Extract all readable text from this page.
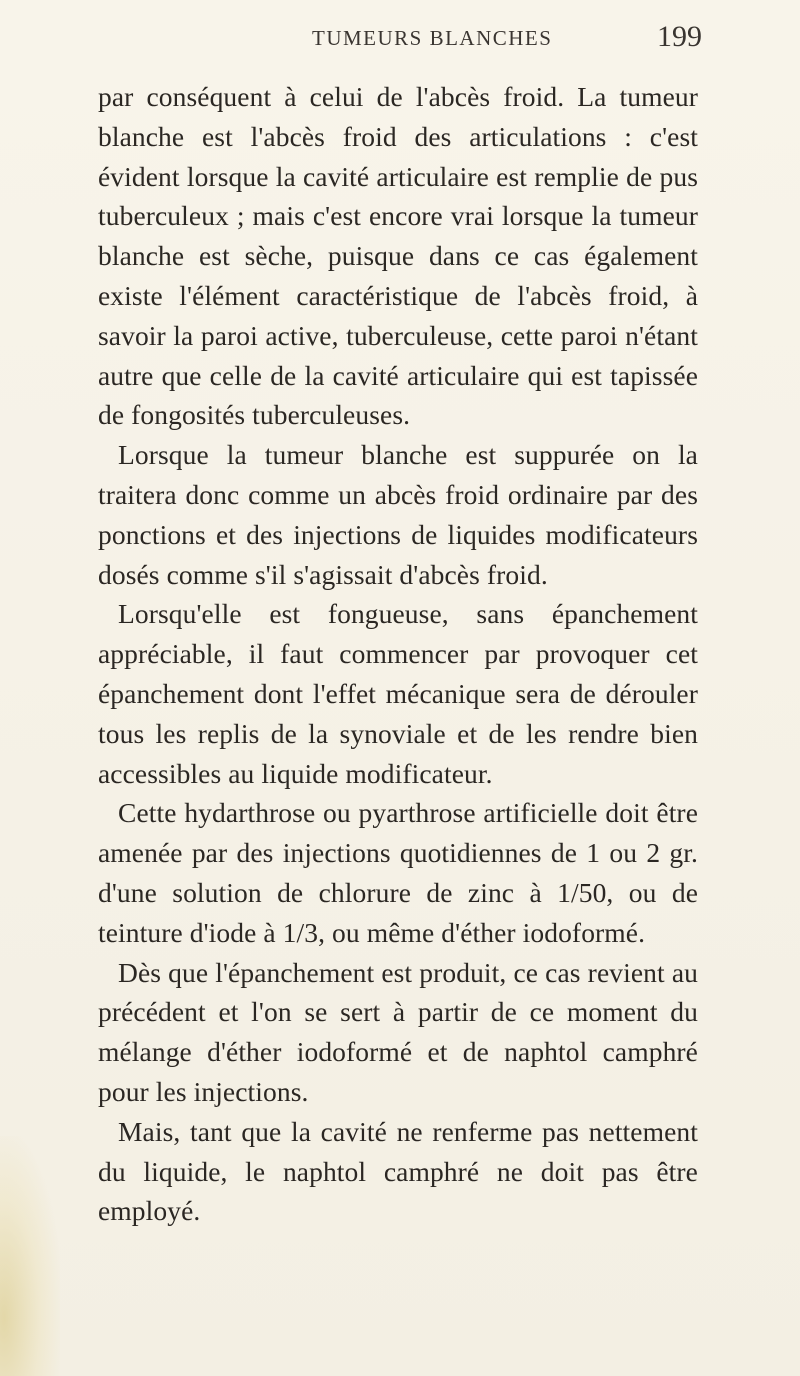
TUMEURS BLANCHES	199

par conséquent à celui de l'abcès froid. La tumeur blanche est l'abcès froid des articulations : c'est évident lorsque la cavité articulaire est remplie de pus tuberculeux ; mais c'est encore vrai lorsque la tumeur blanche est sèche, puisque dans ce cas également existe l'élément caractéristique de l'abcès froid, à savoir la paroi active, tuberculeuse, cette paroi n'étant autre que celle de la cavité articulaire qui est tapissée de fongosités tuberculeuses.

Lorsque la tumeur blanche est suppurée on la traitera donc comme un abcès froid ordinaire par des ponctions et des injections de liquides modificateurs dosés comme s'il s'agissait d'abcès froid.

Lorsqu'elle est fongueuse, sans épanchement appréciable, il faut commencer par provoquer cet épanchement dont l'effet mécanique sera de dérouler tous les replis de la synoviale et de les rendre bien accessibles au liquide modificateur.

Cette hydarthrose ou pyarthrose artificielle doit être amenée par des injections quotidiennes de 1 ou 2 gr. d'une solution de chlorure de zinc à 1/50, ou de teinture d'iode à 1/3, ou même d'éther iodoformé.

Dès que l'épanchement est produit, ce cas revient au précédent et l'on se sert à partir de ce moment du mélange d'éther iodoformé et de naphtol camphré pour les injections.

Mais, tant que la cavité ne renferme pas nettement du liquide, le naphtol camphré ne doit pas être employé.
